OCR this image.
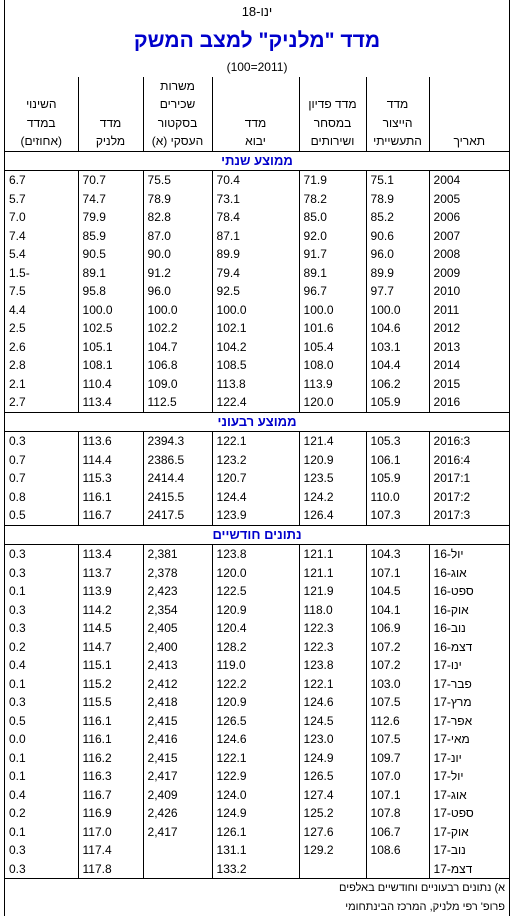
ינו-18						
מדד "מלניק" למצב המשק						
(2011=100)						
				משרות		
	מדד	מדד פדיון		שכירים		השינוי
	הייצור	במסחר	מדד	בסקטור	מדד	במדד
תאריך	התעשייתי	ושירותים	יבוא	העסקי (א)	מלניק	(אחוזים)
ממוצע שנתי						
2004	75.1	71.9	70.4	75.5	70.7	6.7
2005	78.9	78.2	73.1	78.9	74.7	5.7
2006	85.2	85.0	78.4	82.8	79.9	7.0
2007	90.6	92.0	87.1	87.0	85.9	7.4
2008	96.0	91.7	89.9	90.0	90.5	5.4
2009	89.9	89.1	79.4	91.2	89.1	-1.5
2010	97.7	96.7	92.5	96.0	95.8	7.5
2011	100.0	100.0	100.0	100.0	100.0	4.4
2012	104.6	101.6	102.1	102.2	102.5	2.5
2013	103.1	105.4	104.2	104.7	105.1	2.6
2014	104.4	108.0	108.5	106.8	108.1	2.8
2015	106.2	113.9	113.8	109.0	110.4	2.1
2016	105.9	120.0	122.4	112.5	113.4	2.7
ממוצע רבעוני						
2016:3	105.3	121.4	122.1	2394.3	113.6	0.3
2016:4	106.1	120.9	123.2	2386.5	114.4	0.7
2017:1	105.9	123.5	120.7	2414.4	115.3	0.7
2017:2	110.0	124.2	124.4	2415.5	116.1	0.8
2017:3	107.3	126.4	123.9	2417.5	116.7	0.5
נתונים חודשיים						
יול-16	104.3	121.1	123.8	2,381	113.4	0.3
אוג-16	107.1	121.1	120.0	2,378	113.7	0.3
ספט-16	104.5	121.9	122.5	2,423	113.9	0.1
אוק-16	104.1	118.0	120.9	2,354	114.2	0.3
נוב-16	106.9	122.3	120.4	2,405	114.5	0.3
דצמ-16	107.2	122.3	128.2	2,400	114.7	0.2
ינו-17	107.2	123.8	119.0	2,413	115.1	0.4
פבר-17	103.0	122.1	122.2	2,412	115.2	0.1
מרץ-17	107.5	124.6	120.9	2,418	115.5	0.3
אפר-17	112.6	124.5	126.5	2,415	116.1	0.5
מאי-17	107.5	123.0	124.6	2,416	116.1	0.0
יונ-17	109.7	124.9	122.1	2,415	116.2	0.1
יול-17	107.0	126.5	122.9	2,417	116.3	0.1
אוג-17	107.1	127.4	124.0	2,409	116.7	0.4
ספט-17	107.8	125.2	124.9	2,426	116.9	0.2
אוק-17	106.7	127.6	126.1	2,417	117.0	0.1
נוב-17	108.6	129.2	131.1		117.4	0.3
דצמ-17			133.2		117.8	0.3
א) נתונים רבעוניים וחודשיים באלפים						
פרופ' רפי מלניק, המרכז הבינתחומי						
